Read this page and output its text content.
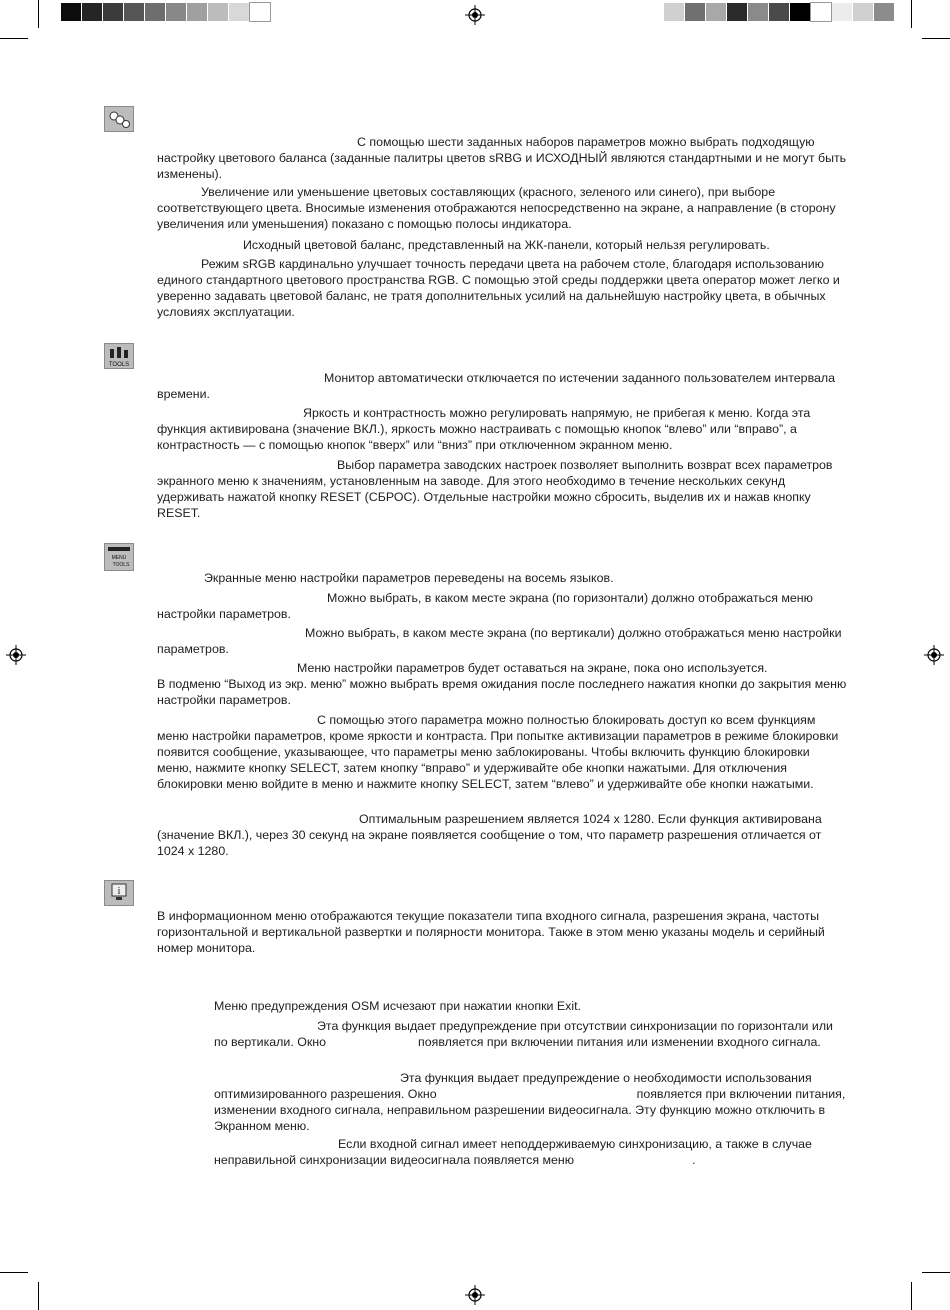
TOOLS
MENU
TOOLS
i

С помощью шести заданных наборов параметров можно выбрать подходящую настройку цветового баланса (заданные палитры цветов sRBG и ИСХОДНЫЙ являются стандартными и не могут быть изменены).

Увеличение или уменьшение цветовых составляющих (красного, зеленого или синего), при выборе соответствующего цвета. Вносимые изменения отображаются непосредственно на экране, а направление (в сторону увеличения или уменьшения) показано с помощью полосы индикатора.

Исходный цветовой баланс, представленный на ЖК-панели, который нельзя регулировать.

Режим sRGB кардинально улучшает точность передачи цвета на рабочем столе, благодаря использованию единого стандартного цветового пространства RGB. С помощью этой среды поддержки цвета оператор может легко и уверенно задавать цветовой баланс, не тратя дополнительных усилий на дальнейшую настройку цвета, в обычных условиях эксплуатации.

Монитор автоматически отключается по истечении заданного пользователем интервала времени.

Яркость и контрастность можно регулировать напрямую, не прибегая к меню. Когда эта функция активирована (значение ВКЛ.), яркость можно настраивать с помощью кнопок “влево” или “вправо”, а контрастность — с помощью кнопок “вверх” или “вниз” при отключенном экранном меню.

Выбор параметра заводских настроек позволяет выполнить возврат всех параметров экранного меню к значениям, установленным на заводе. Для этого необходимо в течение нескольких секунд удерживать нажатой кнопку RESET (СБРОС). Отдельные настройки можно сбросить, выделив их и нажав кнопку RESET.

Экранные меню настройки параметров переведены на восемь языков.

Можно выбрать, в каком месте экрана (по горизонтали) должно отображаться меню настройки параметров.

Можно выбрать, в каком месте экрана (по вертикали) должно отображаться меню настройки параметров.

Меню настройки параметров будет оставаться на экране, пока оно используется.

В подменю “Выход из экр. меню” можно выбрать время ожидания после последнего нажатия кнопки до закрытия меню настройки параметров.

С помощью этого параметра можно полностью блокировать доступ ко всем функциям меню настройки параметров, кроме яркости и контраста. При попытке активизации параметров в режиме блокировки появится сообщение, указывающее, что параметры меню заблокированы. Чтобы включить функцию блокировки меню, нажмите кнопку SELECT, затем кнопку “вправо” и удерживайте обе кнопки нажатыми. Для отключения блокировки меню войдите в меню и нажмите кнопку SELECT, затем “влево” и удерживайте обе кнопки нажатыми.

Оптимальным разрешением является 1024 x 1280. Если функция активирована (значение ВКЛ.), через 30 секунд на экране появляется сообщение о том, что параметр разрешения отличается от 1024 x 1280.

В информационном меню отображаются текущие показатели типа входного сигнала, разрешения экрана, частоты горизонтальной и вертикальной развертки и полярности монитора. Также в этом меню указаны модель и серийный номер монитора.

Меню предупреждения OSM исчезают при нажатии кнопки Exit.

Эта функция выдает предупреждение при отсутствии синхронизации по горизонтали или по вертикали. Окно	появляется при включении питания или изменении входного сигнала.

Эта функция выдает предупреждение о необходимости использования оптимизированного разрешения. Окно	появляется при включении питания, изменении входного сигнала, неправильном разрешении видеосигнала. Эту функцию можно отключить в Экранном меню.

Если входной сигнал имеет неподдерживаемую синхронизацию, а также в случае неправильной синхронизации видеосигнала появляется меню	.
